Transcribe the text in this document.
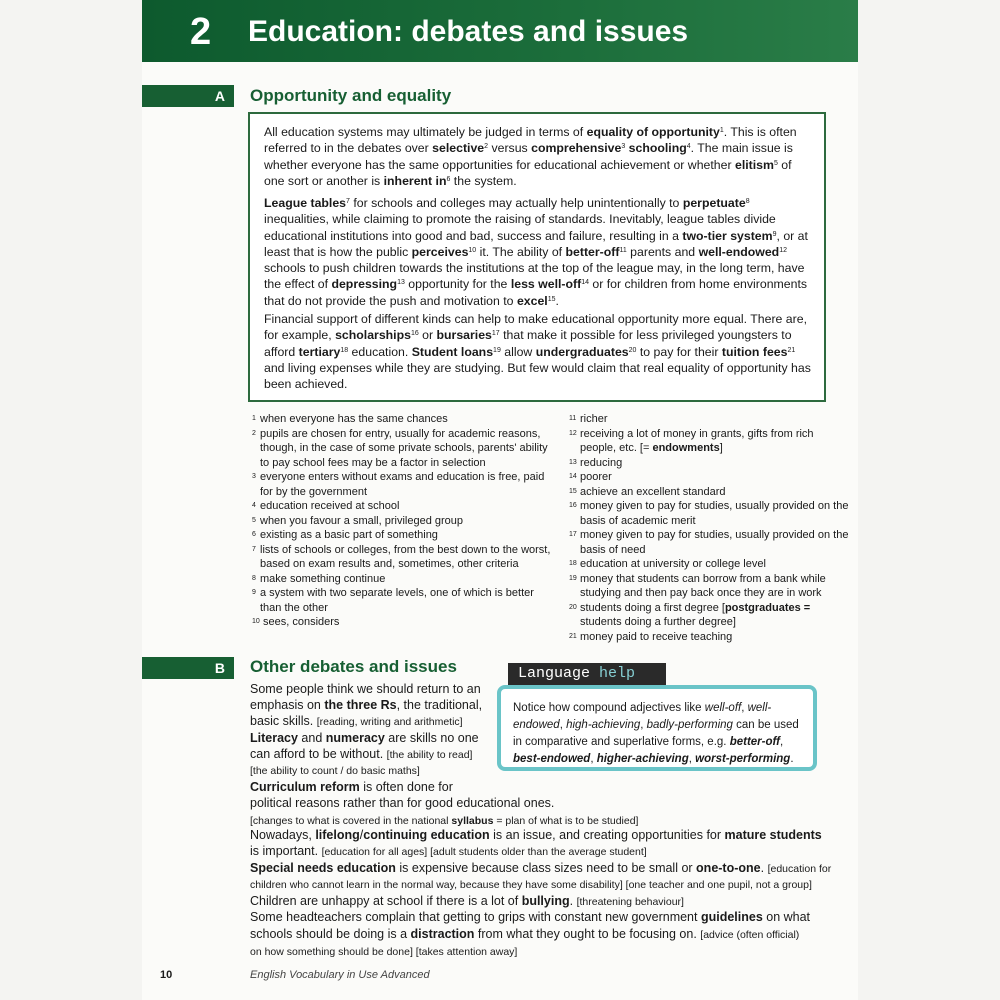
2 Education: debates and issues
A Opportunity and equality
All education systems may ultimately be judged in terms of equality of opportunity$^1$. This is often referred to in the debates over selective$^2$ versus comprehensive$^3$ schooling$^4$. The main issue is whether everyone has the same opportunities for educational achievement or whether elitism$^5$ of one sort or another is inherent $in^6$ the system.
League tables$^7$ for schools and colleges may actually help unintentionally to perpetuate$^8$ inequalities, while claiming to promote the raising of standards. Inevitably, league tables divide educational institutions into good and bad, success and failure, resulting in a two-tier system$^9$, or at least that is how the public perceives$^{10}$ it. The ability of better-off$^{11}$ parents and well-endowed$^{12}$ schools to push children towards the institutions at the top of the league may, in the long term, have the effect of depressing$^{13}$ opportunity for the less well-off$^{14}$ or for children from home environments that do not provide the push and motivation to excel$^{15}$.
Financial support of different kinds can help to make educational opportunity more equal. There are, for example, scholarships$^{16}$ or bursaries$^{17}$ that make it possible for less privileged youngsters to afford tertiary$^{18}$ education. Student loans$^{19}$ allow undergraduates$^{20}$ to pay for their tuition fees$^{21}$ and living expenses while they are studying. But few would claim that real equality of opportunity has been achieved.
1 when everyone has the same chances
2 pupils are chosen for entry, usually for academic reasons, though, in the case of some private schools, parents' ability to pay school fees may be a factor in selection
3 everyone enters without exams and education is free, paid for by the government
4 education received at school
5 when you favour a small, privileged group
6 existing as a basic part of something
7 lists of schools or colleges, from the best down to the worst, based on exam results and, sometimes, other criteria
8 make something continue
9 a system with two separate levels, one of which is better than the other
10 sees, considers
11 richer
12 receiving a lot of money in grants, gifts from rich people, etc. [= endowments]
13 reducing
14 poorer
15 achieve an excellent standard
16 money given to pay for studies, usually provided on the basis of academic merit
17 money given to pay for studies, usually provided on the basis of need
18 education at university or college level
19 money that students can borrow from a bank while studying and then pay back once they are in work
20 students doing a first degree [postgraduates = students doing a further degree]
21 money paid to receive teaching
B Other debates and issues
Some people think we should return to an
emphasis on the three Rs, the traditional,
basic skills. [reading, writing and arithmetic]
Literacy and numeracy are skills no one
can afford to be without. [the ability to read]
[the ability to count / do basic maths]
Curriculum reform is often done for
political reasons rather than for good educational ones.
[changes to what is covered in the national syllabus = plan of what is to be studied]
Nowadays, lifelong/continuing education is an issue, and creating opportunities for mature students
is important. [education for all ages] [adult students older than the average student]
Special needs education is expensive because class sizes need to be small or one-to-one. [education for
children who cannot learn in the normal way, because they have some disability] [one teacher and one pupil, not a group]
Children are unhappy at school if there is a lot of bullying. [threatening behaviour]
Some headteachers complain that getting to grips with constant new government guidelines on what
schools should be doing is a distraction from what they ought to be focusing on. [advice (often official)
on how something should be done] [takes attention away]
Language help
Notice how compound adjectives like well-off, well-endowed, high-achieving, badly-performing can be used in comparative and superlative forms, e.g. better-off, best-endowed, higher-achieving, worst-performing.
10	English Vocabulary in Use Advanced
